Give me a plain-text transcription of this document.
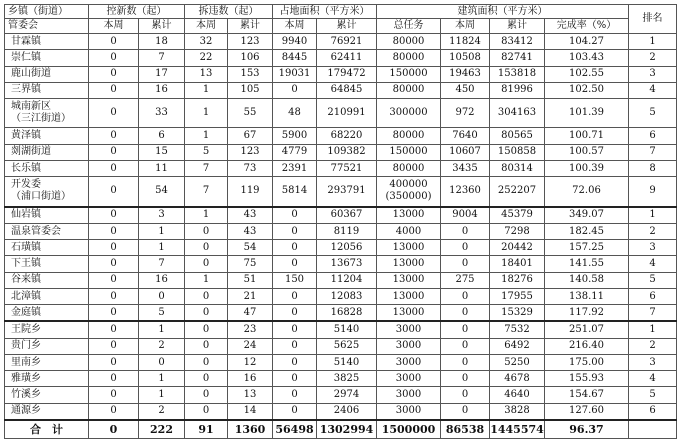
乡镇（街道）	控新数（起）		拆违数（起）		占地面积（平方米）		建筑面积（平方米）				排名
管委会	本周	累计	本周	累计	本周	累计	总任务	本周	累计	完成率（%）	
甘霖镇	0	18	32	123	9940	76921	80000	11824	83412	104.27	1
崇仁镇	0	7	22	106	8445	62411	80000	10508	82741	103.43	2
鹿山街道	0	17	13	153	19031	179472	150000	19463	153818	102.55	3
三界镇	0	16	1	105	0	64845	80000	450	81996	102.50	4

城南新区
（三江街道）	0	33	1	55	48	210991	300000	972	304163	101.39	5
黄泽镇	0	6	1	67	5900	68220	80000	7640	80565	100.71	6
剡湖街道	0	15	5	123	4779	109382	150000	10607	150858	100.57	7
长乐镇	0	11	7	73	2391	77521	80000	3435	80314	100.39	8

开发委
（浦口街道）	0	54	7	119	5814	293791	400000
(350000)	12360	252207	72.06	9
仙岩镇	0	3	1	43	0	60367	13000	9004	45379	349.07	1
温泉管委会	0	1	0	43	0	8119	4000	0	7298	182.45	2
石璜镇	0	1	0	54	0	12056	13000	0	20442	157.25	3
下王镇	0	7	0	75	0	13673	13000	0	18401	141.55	4
谷来镇	0	16	1	51	150	11204	13000	275	18276	140.58	5
北漳镇	0	0	0	21	0	12083	13000	0	17955	138.11	6
金庭镇	0	5	0	47	0	16828	13000	0	15329	117.92	7
王院乡	0	1	0	23	0	5140	3000	0	7532	251.07	1
贵门乡	0	2	0	24	0	5625	3000	0	6492	216.40	2
里南乡	0	0	0	12	0	5140	3000	0	5250	175.00	3
雅璜乡	0	1	0	16	0	3825	3000	0	4678	155.93	4
竹溪乡	0	1	0	13	0	2974	3000	0	4640	154.67	5
通源乡	0	2	0	14	0	2406	3000	0	3828	127.60	6
合　计	0	222	91	1360	56498	1302994	1500000	86538	1445574	96.37	
